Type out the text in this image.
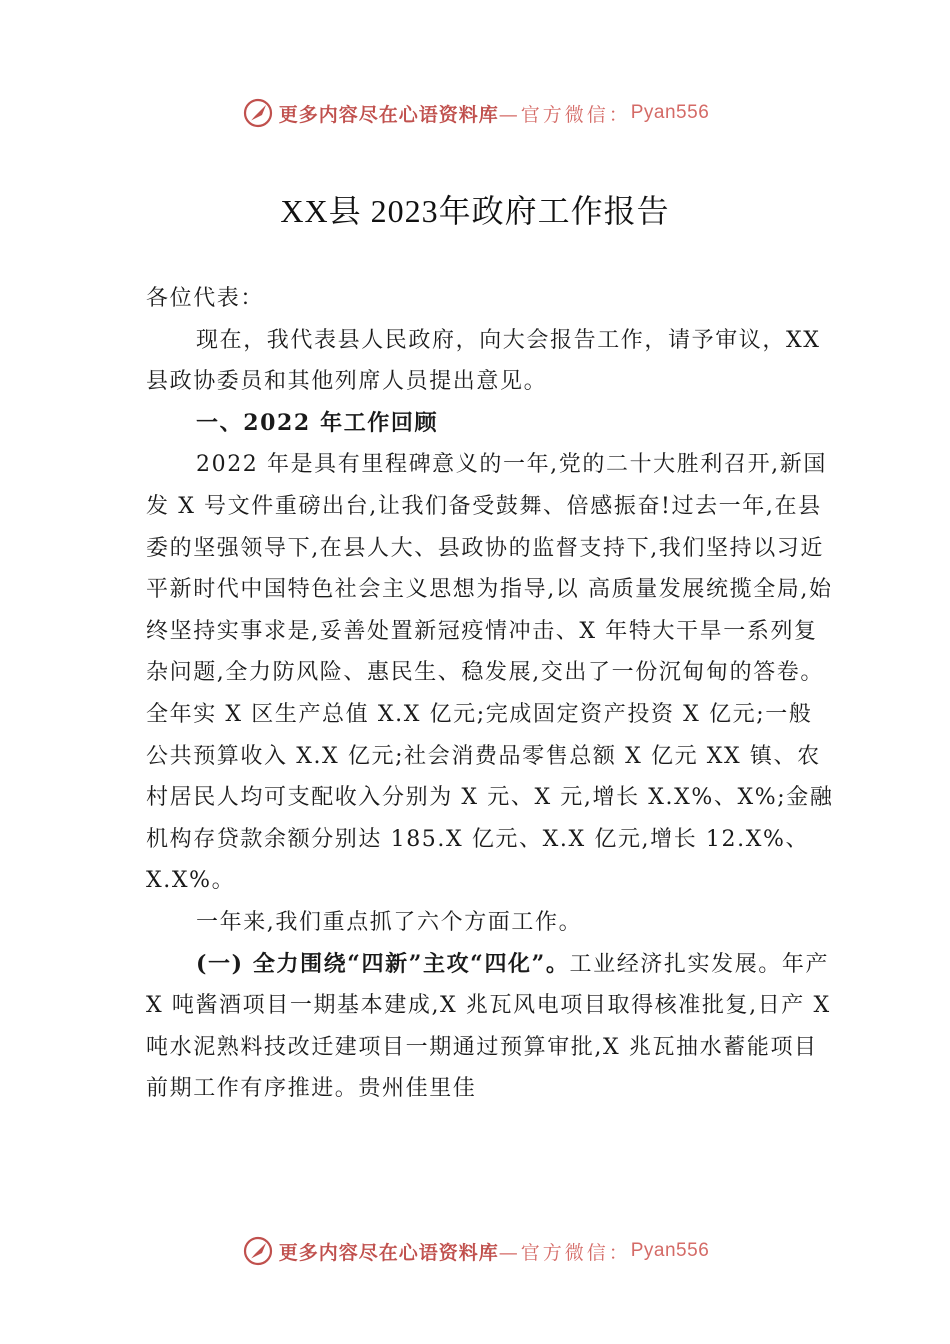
更多内容尽在心语资料库 —官方微信： Pyan556
XX县 2023年政府工作报告

各位代表：

现在，我代表县人民政府，向大会报告工作，请予审议，XX县政协委员和其他列席人员提出意见。

一、2022 年工作回顾

2022 年是具有里程碑意义的一年,党的二十大胜利召开,新国发 X 号文件重磅出台,让我们备受鼓舞、倍感振奋!过去一年,在县委的坚强领导下,在县人大、县政协的监督支持下,我们坚持以习近平新时代中国特色社会主义思想为指导,以 高质量发展统揽全局,始终坚持实事求是,妥善处置新冠疫情冲击、X 年特大干旱一系列复杂问题,全力防风险、惠民生、稳发展,交出了一份沉甸甸的答卷。全年实 X 区生产总值 X.X 亿元;完成固定资产投资 X 亿元;一般公共预算收入 X.X 亿元;社会消费品零售总额 X 亿元 XX 镇、农村居民人均可支配收入分别为 X 元、X 元,增长 X.X%、X%;金融机构存贷款余额分别达 185.X 亿元、X.X 亿元,增长 12.X%、X.X%。

一年来,我们重点抓了六个方面工作。

(一) 全力围绕“四新”主攻“四化”。工业经济扎实发展。年产 X 吨酱酒项目一期基本建成,X 兆瓦风电项目取得核准批复,日产 X 吨水泥熟料技改迁建项目一期通过预算审批,X 兆瓦抽水蓄能项目前期工作有序推进。贵州佳里佳

更多内容尽在心语资料库 —官方微信： Pyan556
